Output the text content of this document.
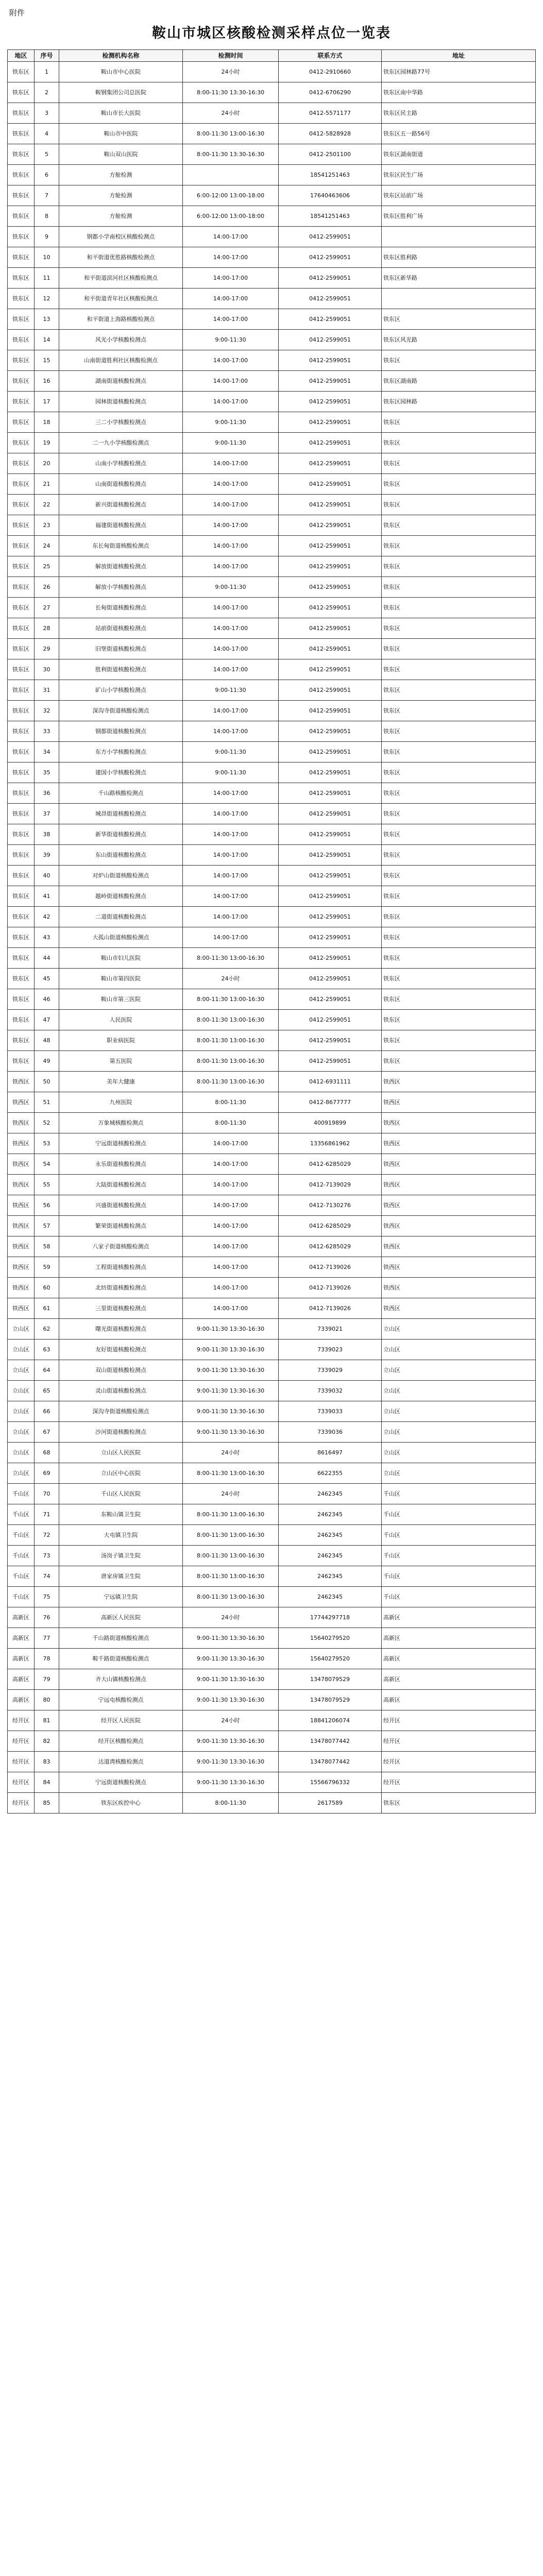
附件
鞍山市城区核酸检测采样点位一览表
地区	序号	检测机构名称	检测时间	联系方式	地址
铁东区	1	鞍山市中心医院	24小时	0412-2910660	铁东区园林路77号
铁东区	2	鞍钢集团公司总医院	8:00-11:30 13:30-16:30	0412-6706290	铁东区南中华路
铁东区	3	鞍山市长大医院	24小时	0412-5571177	铁东区民主路
铁东区	4	鞍山市中医院	8:00-11:30 13:00-16:30	0412-5828928	铁东区五一路56号
铁东区	5	鞍山双山医院	8:00-11:30 13:30-16:30	0412-2501100	铁东区湖南街道
铁东区	6	方舱检测		18541251463	铁东区民生广场
铁东区	7	方舱检测	6:00-12:00 13:00-18:00	17640463606	铁东区站前广场
铁东区	8	方舱检测	6:00-12:00 13:00-18:00	18541251463	铁东区胜利广场
铁东区	9	钢都小学南校区核酸检测点	14:00-17:00	0412-2599051	
铁东区	10	和平街道优胜路核酸检测点	14:00-17:00	0412-2599051	铁东区胜利路
铁东区	11	和平街道滨河社区核酸检测点	14:00-17:00	0412-2599051	铁东区新华路
铁东区	12	和平街道青年社区核酸检测点	14:00-17:00	0412-2599051	
铁东区	13	和平街道上海路核酸检测点	14:00-17:00	0412-2599051	铁东区
铁东区	14	风光小学核酸检测点	9:00-11:30	0412-2599051	铁东区风光路
铁东区	15	山南街道胜利社区核酸检测点	14:00-17:00	0412-2599051	铁东区
铁东区	16	湖南街道核酸检测点	14:00-17:00	0412-2599051	铁东区湖南路
铁东区	17	园林街道核酸检测点	14:00-17:00	0412-2599051	铁东区园林路
铁东区	18	三二小学核酸检测点	9:00-11:30	0412-2599051	铁东区
铁东区	19	二一九小学核酸检测点	9:00-11:30	0412-2599051	铁东区
铁东区	20	山南小学核酸检测点	14:00-17:00	0412-2599051	铁东区
铁东区	21	山南街道核酸检测点	14:00-17:00	0412-2599051	铁东区
铁东区	22	新兴街道核酸检测点	14:00-17:00	0412-2599051	铁东区
铁东区	23	福建街道核酸检测点	14:00-17:00	0412-2599051	铁东区
铁东区	24	东长甸街道核酸检测点	14:00-17:00	0412-2599051	铁东区
铁东区	25	解放街道核酸检测点	14:00-17:00	0412-2599051	铁东区
铁东区	26	解放小学核酸检测点	9:00-11:30	0412-2599051	铁东区
铁东区	27	长甸街道核酸检测点	14:00-17:00	0412-2599051	铁东区
铁东区	28	站前街道核酸检测点	14:00-17:00	0412-2599051	铁东区
铁东区	29	旧堡街道核酸检测点	14:00-17:00	0412-2599051	铁东区
铁东区	30	胜利街道核酸检测点	14:00-17:00	0412-2599051	铁东区
铁东区	31	矿山小学核酸检测点	9:00-11:30	0412-2599051	铁东区
铁东区	32	深沟寺街道核酸检测点	14:00-17:00	0412-2599051	铁东区
铁东区	33	钢都街道核酸检测点	14:00-17:00	0412-2599051	铁东区
铁东区	34	东方小学核酸检测点	9:00-11:30	0412-2599051	铁东区
铁东区	35	建国小学核酸检测点	9:00-11:30	0412-2599051	铁东区
铁东区	36	千山路核酸检测点	14:00-17:00	0412-2599051	铁东区
铁东区	37	城昂街道核酸检测点	14:00-17:00	0412-2599051	铁东区
铁东区	38	新华街道核酸检测点	14:00-17:00	0412-2599051	铁东区
铁东区	39	东山街道核酸检测点	14:00-17:00	0412-2599051	铁东区
铁东区	40	对炉山街道核酸检测点	14:00-17:00	0412-2599051	铁东区
铁东区	41	越岭街道核酸检测点	14:00-17:00	0412-2599051	铁东区
铁东区	42	二道街道核酸检测点	14:00-17:00	0412-2599051	铁东区
铁东区	43	大孤山街道核酸检测点	14:00-17:00	0412-2599051	铁东区
铁东区	44	鞍山市妇儿医院	8:00-11:30 13:00-16:30	0412-2599051	铁东区
铁东区	45	鞍山市第四医院	24小时	0412-2599051	铁东区
铁东区	46	鞍山市第三医院	8:00-11:30 13:00-16:30	0412-2599051	铁东区
铁东区	47	人民医院	8:00-11:30 13:00-16:30	0412-2599051	铁东区
铁东区	48	职业病医院	8:00-11:30 13:00-16:30	0412-2599051	铁东区
铁东区	49	第五医院	8:00-11:30 13:00-16:30	0412-2599051	铁东区
铁西区	50	美年大健康	8:00-11:30 13:00-16:30	0412-6931111	铁西区
铁西区	51	九州医院	8:00-11:30	0412-8677777	铁西区
铁西区	52	万象城核酸检测点	8:00-11:30	400919899	铁西区
铁西区	53	宁远街道核酸检测点	14:00-17:00	13356861962	铁西区
铁西区	54	永乐街道核酸检测点	14:00-17:00	0412-6285029	铁西区
铁西区	55	大陆街道核酸检测点	14:00-17:00	0412-7139029	铁西区
铁西区	56	兴盛街道核酸检测点	14:00-17:00	0412-7130276	铁西区
铁西区	57	繁荣街道核酸检测点	14:00-17:00	0412-6285029	铁西区
铁西区	58	八家子街道核酸检测点	14:00-17:00	0412-6285029	铁西区
铁西区	59	工程街道核酸检测点	14:00-17:00	0412-7139026	铁西区
铁西区	60	北纺街道核酸检测点	14:00-17:00	0412-7139026	铁西区
铁西区	61	三里街道核酸检测点	14:00-17:00	0412-7139026	铁西区
立山区	62	曙光街道核酸检测点	9:00-11:30 13:30-16:30	7339021	立山区
立山区	63	友好街道核酸检测点	9:00-11:30 13:30-16:30	7339023	立山区
立山区	64	双山街道核酸检测点	9:00-11:30 13:30-16:30	7339029	立山区
立山区	65	灵山街道核酸检测点	9:00-11:30 13:30-16:30	7339032	立山区
立山区	66	深沟寺街道核酸检测点	9:00-11:30 13:30-16:30	7339033	立山区
立山区	67	沙河街道核酸检测点	9:00-11:30 13:30-16:30	7339036	立山区
立山区	68	立山区人民医院	24小时	8616497	立山区
立山区	69	立山区中心医院	8:00-11:30 13:00-16:30	6622355	立山区
千山区	70	千山区人民医院	24小时	2462345	千山区
千山区	71	东鞍山镇卫生院	8:00-11:30 13:00-16:30	2462345	千山区
千山区	72	大屯镇卫生院	8:00-11:30 13:00-16:30	2462345	千山区
千山区	73	汤岗子镇卫生院	8:00-11:30 13:00-16:30	2462345	千山区
千山区	74	唐家房镇卫生院	8:00-11:30 13:00-16:30	2462345	千山区
千山区	75	宁远镇卫生院	8:00-11:30 13:00-16:30	2462345	千山区
高新区	76	高新区人民医院	24小时	17744297718	高新区
高新区	77	千山路街道核酸检测点	9:00-11:30 13:30-16:30	15640279520	高新区
高新区	78	鞍千路街道核酸检测点	9:00-11:30 13:30-16:30	15640279520	高新区
高新区	79	齐大山镇核酸检测点	9:00-11:30 13:30-16:30	13478079529	高新区
高新区	80	宁远屯核酸检测点	9:00-11:30 13:30-16:30	13478079529	高新区
经开区	81	经开区人民医院	24小时	18841206074	经开区
经开区	82	经开区核酸检测点	9:00-11:30 13:30-16:30	13478077442	经开区
经开区	83	达道湾核酸检测点	9:00-11:30 13:30-16:30	13478077442	经开区
经开区	84	宁远街道核酸检测点	9:00-11:30 13:30-16:30	15566796332	经开区
经开区	85	铁东区疾控中心	8:00-11:30	2617589	铁东区
